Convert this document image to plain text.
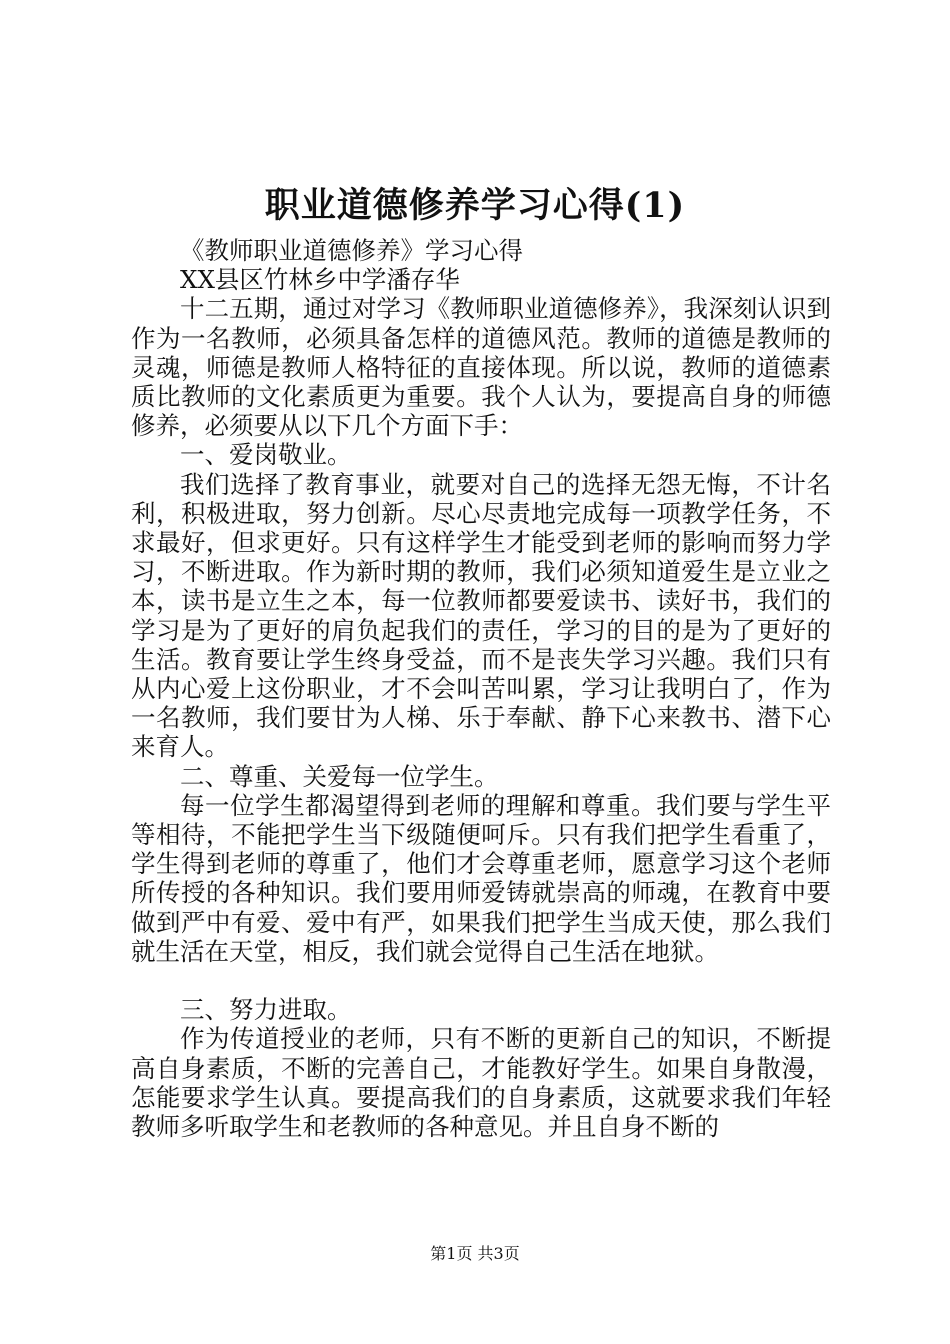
职业道德修养学习心得(1)

《教师职业道德修养》学习心得

XX县区竹林乡中学潘存华

十二五期，通过对学习《教师职业道德修养》，我深刻认识到作为一名教师，必须具备怎样的道德风范。教师的道德是教师的灵魂，师德是教师人格特征的直接体现。所以说，教师的道德素质比教师的文化素质更为重要。我个人认为，要提高自身的师德修养，必须要从以下几个方面下手：

一、爱岗敬业。

我们选择了教育事业，就要对自己的选择无怨无悔，不计名利，积极进取，努力创新。尽心尽责地完成每一项教学任务，不求最好，但求更好。只有这样学生才能受到老师的影响而努力学习，不断进取。作为新时期的教师，我们必须知道爱生是立业之本，读书是立生之本，每一位教师都要爱读书、读好书，我们的学习是为了更好的肩负起我们的责任，学习的目的是为了更好的生活。教育要让学生终身受益，而不是丧失学习兴趣。我们只有从内心爱上这份职业，才不会叫苦叫累，学习让我明白了，作为一名教师，我们要甘为人梯、乐于奉献、静下心来教书、潜下心来育人。

二、尊重、关爱每一位学生。

每一位学生都渴望得到老师的理解和尊重。我们要与学生平等相待，不能把学生当下级随便呵斥。只有我们把学生看重了，学生得到老师的尊重了，他们才会尊重老师，愿意学习这个老师所传授的各种知识。我们要用师爱铸就崇高的师魂，在教育中要做到严中有爱、爱中有严，如果我们把学生当成天使，那么我们就生活在天堂，相反，我们就会觉得自己生活在地狱。

三、努力进取。

作为传道授业的老师，只有不断的更新自己的知识，不断提高自身素质，不断的完善自己，才能教好学生。如果自身散漫，怎能要求学生认真。要提高我们的自身素质，这就要求我们年轻教师多听取学生和老教师的各种意见。并且自身不断的

第1页 共3页
